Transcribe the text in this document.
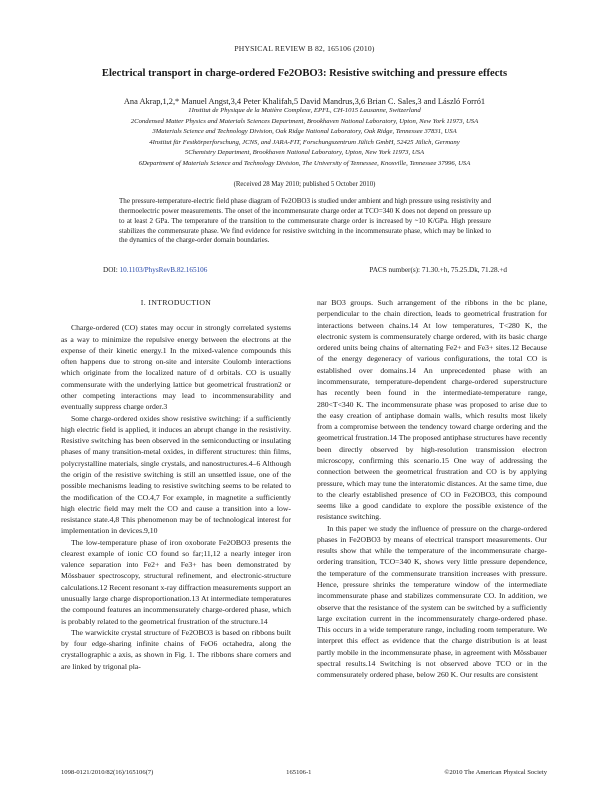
PHYSICAL REVIEW B 82, 165106 (2010)
Electrical transport in charge-ordered Fe2OBO3: Resistive switching and pressure effects
Ana Akrap,1,2,* Manuel Angst,3,4 Peter Khalifah,5 David Mandrus,3,6 Brian C. Sales,3 and László Forró1
1Institut de Physique de la Matière Complexe, EPFL, CH-1015 Lausanne, Switzerland
2Condensed Matter Physics and Materials Sciences Department, Brookhaven National Laboratory, Upton, New York 11973, USA
3Materials Science and Technology Division, Oak Ridge National Laboratory, Oak Ridge, Tennessee 37831, USA
4Institut für Festkörperforschung, JCNS, and JARA-FIT, Forschungszentrum Jülich GmbH, 52425 Jülich, Germany
5Chemistry Department, Brookhaven National Laboratory, Upton, New York 11973, USA
6Department of Materials Science and Technology Division, The University of Tennessee, Knoxville, Tennessee 37996, USA
(Received 28 May 2010; published 5 October 2010)
The pressure-temperature-electric field phase diagram of Fe2OBO3 is studied under ambient and high pressure using resistivity and thermoelectric power measurements. The onset of the incommensurate charge order at TCO=340 K does not depend on pressure up to at least 2 GPa. The temperature of the transition to the commensurate charge order is increased by ~10 K/GPa. High pressure stabilizes the commensurate phase. We find evidence for resistive switching in the incommensurate phase, which may be linked to the dynamics of the charge-order domain boundaries.
DOI: 10.1103/PhysRevB.82.165106	PACS number(s): 71.30.+h, 75.25.Dk, 71.28.+d
I. INTRODUCTION

Charge-ordered (CO) states may occur in strongly correlated systems as a way to minimize the repulsive energy between the electrons at the expense of their kinetic energy.1 In the mixed-valence compounds this often happens due to strong on-site and intersite Coulomb interactions which originate from the localized nature of d orbitals. CO is usually commensurate with the underlying lattice but geometrical frustration2 or other competing interactions may lead to incommensurability and eventually suppress charge order.3

Some charge-ordered oxides show resistive switching: if a sufficiently high electric field is applied, it induces an abrupt change in the resistivity. Resistive switching has been observed in the semiconducting or insulating phases of many transition-metal oxides, in different structures: thin films, polycrystalline materials, single crystals, and nanostructures.4–6 Although the origin of the resistive switching is still an unsettled issue, one of the possible mechanisms leading to resistive switching seems to be related to the modification of the CO.4,7 For example, in magnetite a sufficiently high electric field may melt the CO and cause a transition into a low-resistance state.4,8 This phenomenon may be of technological interest for implementation in devices.9,10

The low-temperature phase of iron oxoborate Fe2OBO3 presents the clearest example of ionic CO found so far;11,12 a nearly integer iron valence separation into Fe2+ and Fe3+ has been demonstrated by Mössbauer spectroscopy, structural refinement, and electronic-structure calculations.12 Recent resonant x-ray diffraction measurements support an unusually large charge disproportionation.13 At intermediate temperatures the compound features an incommensurately charge-ordered phase, which is probably related to the geometrical frustration of the structure.14

The warwickite crystal structure of Fe2OBO3 is based on ribbons built by four edge-sharing infinite chains of FeO6 octahedra, along the crystallographic a axis, as shown in Fig. 1. The ribbons share corners and are linked by trigonal pla-

nar BO3 groups. Such arrangement of the ribbons in the bc plane, perpendicular to the chain direction, leads to geometrical frustration for interactions between chains.14 At low temperatures, T<280 K, the electronic system is commensurately charge ordered, with its basic charge ordered units being chains of alternating Fe2+ and Fe3+ sites.12 Because of the energy degeneracy of various configurations, the total CO is established over domains.14 An unprecedented phase with an incommensurate, temperature-dependent charge-ordered superstructure has recently been found in the intermediate-temperature range, 280<T<340 K. The incommensurate phase was proposed to arise due to the easy creation of antiphase domain walls, which results most likely from a compromise between the tendency toward charge ordering and the geometrical frustration.14 The proposed antiphase structures have recently been directly observed by high-resolution transmission electron microscopy, confirming this scenario.15 One way of addressing the connection between the geometrical frustration and CO is by applying pressure, which may tune the interatomic distances. At the same time, due to the clearly established presence of CO in Fe2OBO3, this compound seems like a good candidate to explore the possible existence of the resistance switching.

In this paper we study the influence of pressure on the charge-ordered phases in Fe2OBO3 by means of electrical transport measurements. Our results show that while the temperature of the incommensurate charge-ordering transition, TCO=340 K, shows very little pressure dependence, the temperature of the commensurate transition increases with pressure. Hence, pressure shrinks the temperature window of the intermediate incommensurate phase and stabilizes commensurate CO. In addition, we observe that the resistance of the system can be switched by a sufficiently large excitation current in the incommensurately charge-ordered phase. This occurs in a wide temperature range, including room temperature. We interpret this effect as evidence that the charge distribution is at least partly mobile in the incommensurate phase, in agreement with Mössbauer spectral results.14 Switching is not observed above TCO or in the commensurately ordered phase, below 260 K. Our results are consistent

1098-0121/2010/82(16)/165106(7)	165106-1	©2010 The American Physical Society
